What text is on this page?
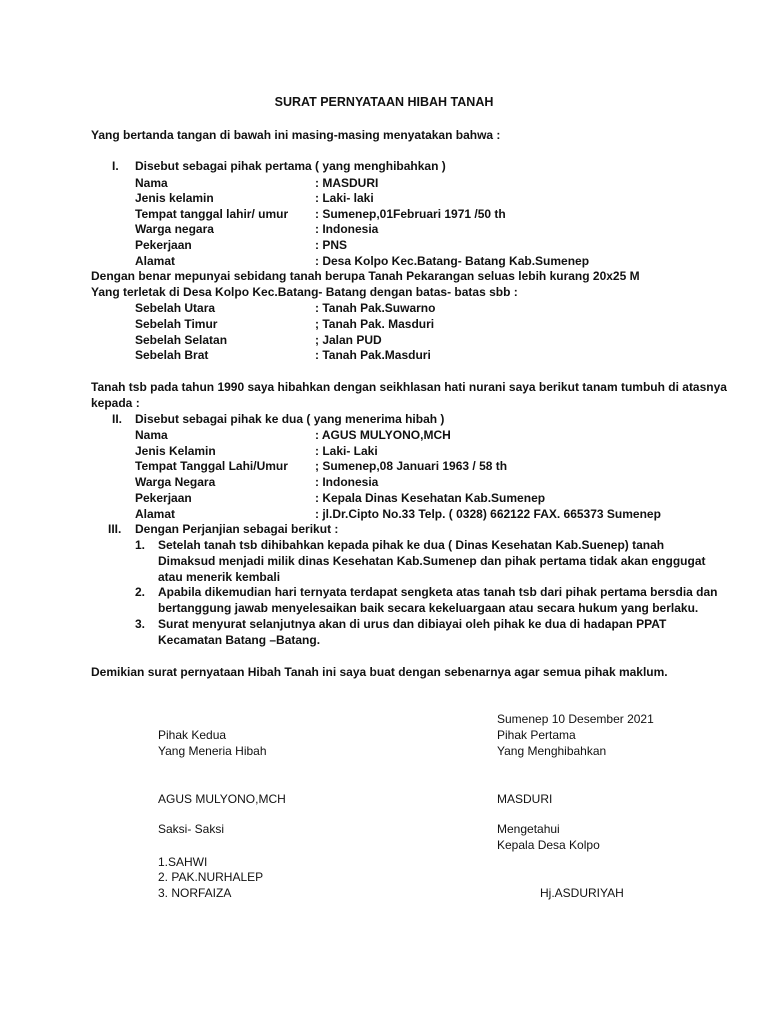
SURAT PERNYATAAN HIBAH TANAH
Yang bertanda tangan di bawah ini masing-masing menyatakan bahwa :
I. Disebut sebagai pihak pertama ( yang menghibahkan )
Nama	: MASDURI
Jenis kelamin	: Laki- laki
Tempat tanggal lahir/ umur : Sumenep,01Februari 1971 /50 th
Warga negara	: Indonesia
Pekerjaan	: PNS
Alamat	: Desa Kolpo Kec.Batang- Batang Kab.Sumenep
Dengan benar mepunyai sebidang tanah berupa Tanah Pekarangan seluas lebih kurang 20x25 M
Yang terletak di Desa Kolpo Kec.Batang- Batang dengan batas- batas sbb :
Sebelah Utara	: Tanah Pak.Suwarno
Sebelah Timur	; Tanah Pak. Masduri
Sebelah Selatan	; Jalan PUD
Sebelah Brat	: Tanah Pak.Masduri
Tanah tsb pada tahun 1990 saya hibahkan dengan seikhlasan hati nurani saya berikut tanam tumbuh di atasnya
kepada :
II. Disebut sebagai pihak ke dua ( yang menerima hibah )
Nama	: AGUS MULYONO,MCH
Jenis Kelamin	: Laki- Laki
Tempat Tanggal Lahi/Umur ; Sumenep,08 Januari 1963 / 58 th
Warga Negara	: Indonesia
Pekerjaan	: Kepala Dinas Kesehatan Kab.Sumenep
Alamat	: jl.Dr.Cipto No.33 Telp. ( 0328) 662122 FAX. 665373 Sumenep
III. Dengan Perjanjian sebagai berikut :
1. Setelah tanah tsb dihibahkan kepada pihak ke dua ( Dinas Kesehatan Kab.Suenep) tanah
Dimaksud menjadi milik dinas Kesehatan Kab.Sumenep dan pihak pertama tidak akan enggugat
atau menerik kembali
2. Apabila dikemudian hari ternyata terdapat sengketa atas tanah tsb dari pihak pertama bersdia dan
bertanggung jawab menyelesaikan baik secara kekeluargaan atau secara hukum yang berlaku.
3. Surat menyurat selanjutnya akan di urus dan dibiayai oleh pihak ke dua di hadapan PPAT
Kecamatan Batang –Batang.
Demikian surat pernyataan Hibah Tanah ini saya buat dengan sebenarnya agar semua pihak maklum.
Sumenep 10 Desember 2021
Pihak Kedua
Yang Meneria Hibah
Pihak Pertama
Yang Menghibahkan
AGUS MULYONO,MCH	MASDURI
Saksi- Saksi	Mengetahui
Kepala Desa Kolpo
1.SAHWI
2. PAK.NURHALEP
3. NORFAIZA	Hj.ASDURIYAH
